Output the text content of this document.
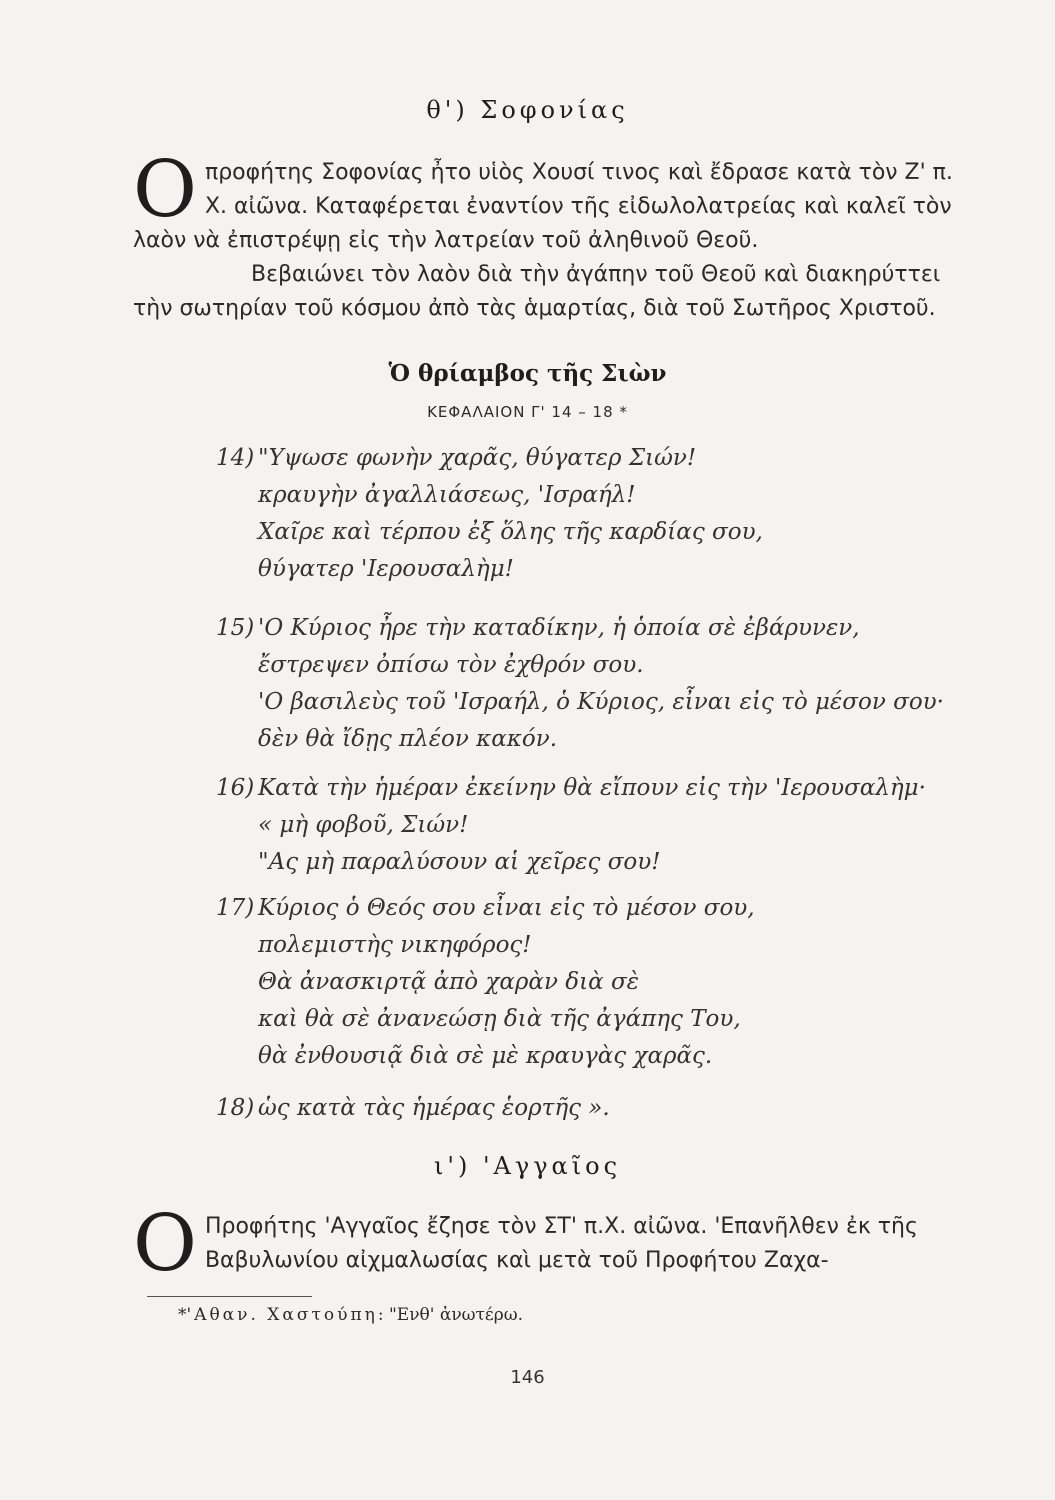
θ') Σοφονίας
Οπροφήτης Σοφονίας ἦτο υἱὸς Χουσί τινος καὶ ἔδρασε κατὰ τὸν Ζ' π. Χ. αἰῶνα. Καταφέρεται ἐναντίον τῆς εἰδωλολατρείας καὶ καλεῖ τὸν λαὸν νὰ ἐπιστρέψῃ εἰς τὴν λατρείαν τοῦ ἀληθινοῦ Θεοῦ.
Βεβαιώνει τὸν λαὸν διὰ τὴν ἀγάπην τοῦ Θεοῦ καὶ διακηρύττει τὴν σωτηρίαν τοῦ κόσμου ἀπὸ τὰς ἁμαρτίας, διὰ τοῦ Σωτῆρος Χριστοῦ.
Ὁ θρίαμβος τῆς Σιὼν
ΚΕΦΑΛΑΙΟΝ Γ' 14 – 18 *
14) "Υψωσε φωνὴν χαρᾶς, θύγατερ Σιών!
κραυγὴν ἀγαλλιάσεως, 'Ισραήλ!
Χαῖρε καὶ τέρπου ἐξ ὅλης τῆς καρδίας σου,
θύγατερ 'Ιερουσαλὴμ!
15) 'Ο Κύριος ἦρε τὴν καταδίκην, ἡ ὁποία σὲ ἐβάρυνεν,
ἔστρεψεν ὀπίσω τὸν ἐχθρόν σου.
'Ο βασιλεὺς τοῦ 'Ισραήλ, ὁ Κύριος, εἶναι εἰς τὸ μέσον σου·
δὲν θὰ ἴδῃς πλέον κακόν.
16) Κατὰ τὴν ἡμέραν ἐκείνην θὰ εἴπουν εἰς τὴν 'Ιερουσαλὴμ·
« μὴ φοβοῦ, Σιών!
"Ας μὴ παραλύσουν αἱ χεῖρες σου!
17) Κύριος ὁ Θεός σου εἶναι εἰς τὸ μέσον σου,
πολεμιστὴς νικηφόρος!
Θὰ ἀνασκιρτᾷ ἀπὸ χαρὰν διὰ σὲ
καὶ θὰ σὲ ἀνανεώσῃ διὰ τῆς ἀγάπης Του,
θὰ ἐνθουσιᾷ διὰ σὲ μὲ κραυγὰς χαρᾶς.
18) ὡς κατὰ τὰς ἡμέρας ἑορτῆς ».
ι') 'Αγγαῖος
Ο Προφήτης 'Αγγαῖος ἔζησε τὸν ΣΤ' π.Χ. αἰῶνα. 'Επανῆλθεν ἐκ τῆς Βαβυλωνίου αἰχμαλωσίας καὶ μετὰ τοῦ Προφήτου Ζαχα-
*'Αθαν. Χαστούπη: "Ενθ' ἀνωτέρω.
146
